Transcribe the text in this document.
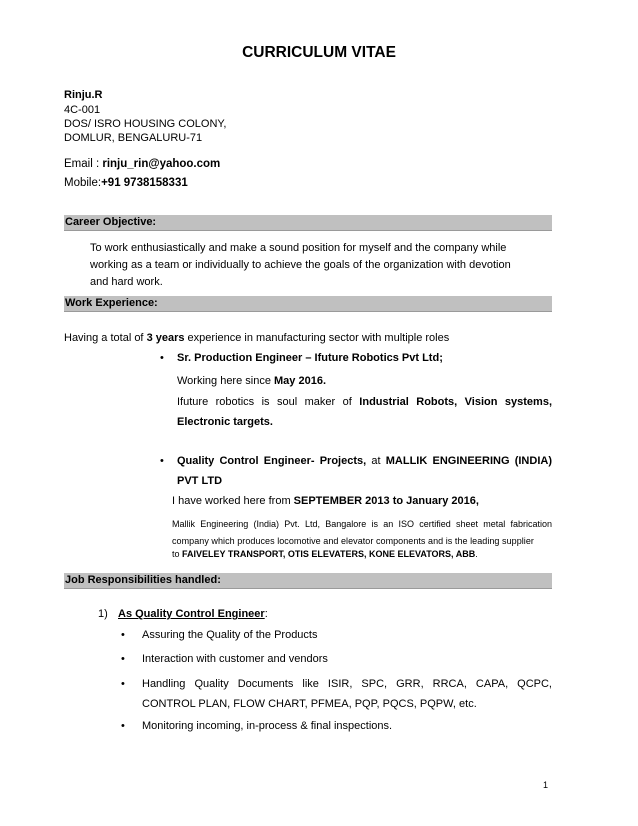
CURRICULUM VITAE
Rinju.R
4C-001
DOS/ ISRO HOUSING COLONY,
DOMLUR, BENGALURU-71
Email : rinju_rin@yahoo.com
Mobile:+91 9738158331
Career Objective:
To work enthusiastically and make a sound position for myself and the company while
working as a team or individually to achieve the goals of the organization with devotion
and hard work.
Work Experience:
Having a total of 3 years experience in manufacturing sector with multiple roles
• Sr. Production Engineer – Ifuture Robotics Pvt Ltd;
Working here since May 2016.
Ifuture robotics is soul maker of Industrial Robots, Vision systems,
Electronic targets.
• Quality Control Engineer- Projects, at MALLIK ENGINEERING (INDIA)
PVT LTD
I have worked here from SEPTEMBER 2013 to January 2016,
Mallik Engineering (India) Pvt. Ltd, Bangalore is an ISO certified sheet metal fabrication
company which produces locomotive and elevator components and is the leading supplier
to FAIVELEY TRANSPORT, OTIS ELEVATERS, KONE ELEVATORS, ABB.
Job Responsibilities handled:
1) As Quality Control Engineer:
• Assuring the Quality of the Products
• Interaction with customer and vendors
• Handling Quality Documents like ISIR, SPC, GRR, RRCA, CAPA, QCPC,
CONTROL PLAN, FLOW CHART, PFMEA, PQP, PQCS, PQPW, etc.
• Monitoring incoming, in-process & final inspections.
1
